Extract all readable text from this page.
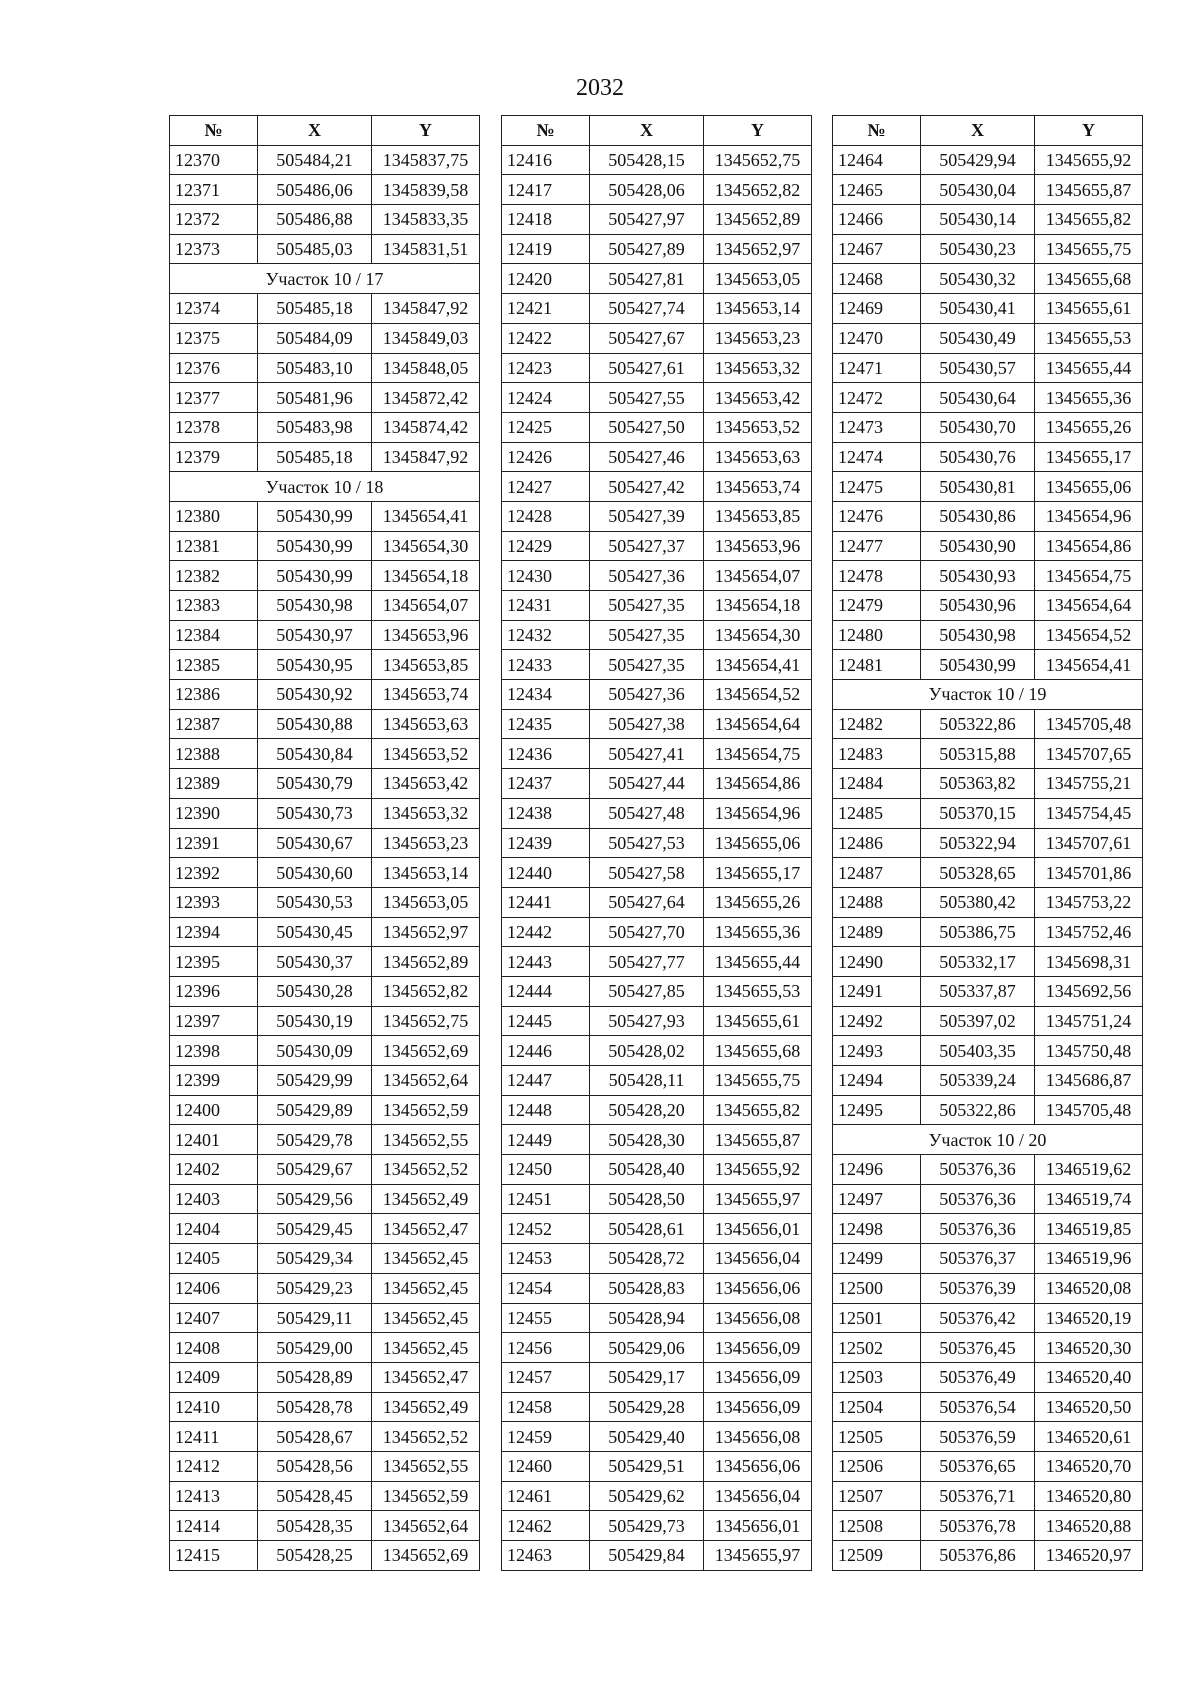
2032
№	X	Y
12370	505484,21	1345837,75
12371	505486,06	1345839,58
12372	505486,88	1345833,35
12373	505485,03	1345831,51
Участок 10 / 17		
12374	505485,18	1345847,92
12375	505484,09	1345849,03
12376	505483,10	1345848,05
12377	505481,96	1345872,42
12378	505483,98	1345874,42
12379	505485,18	1345847,92
Участок 10 / 18		
12380	505430,99	1345654,41
12381	505430,99	1345654,30
12382	505430,99	1345654,18
12383	505430,98	1345654,07
12384	505430,97	1345653,96
12385	505430,95	1345653,85
12386	505430,92	1345653,74
12387	505430,88	1345653,63
12388	505430,84	1345653,52
12389	505430,79	1345653,42
12390	505430,73	1345653,32
12391	505430,67	1345653,23
12392	505430,60	1345653,14
12393	505430,53	1345653,05
12394	505430,45	1345652,97
12395	505430,37	1345652,89
12396	505430,28	1345652,82
12397	505430,19	1345652,75
12398	505430,09	1345652,69
12399	505429,99	1345652,64
12400	505429,89	1345652,59
12401	505429,78	1345652,55
12402	505429,67	1345652,52
12403	505429,56	1345652,49
12404	505429,45	1345652,47
12405	505429,34	1345652,45
12406	505429,23	1345652,45
12407	505429,11	1345652,45
12408	505429,00	1345652,45
12409	505428,89	1345652,47
12410	505428,78	1345652,49
12411	505428,67	1345652,52
12412	505428,56	1345652,55
12413	505428,45	1345652,59
12414	505428,35	1345652,64
12415	505428,25	1345652,69
№	X	Y
12416	505428,15	1345652,75
12417	505428,06	1345652,82
12418	505427,97	1345652,89
12419	505427,89	1345652,97
12420	505427,81	1345653,05
12421	505427,74	1345653,14
12422	505427,67	1345653,23
12423	505427,61	1345653,32
12424	505427,55	1345653,42
12425	505427,50	1345653,52
12426	505427,46	1345653,63
12427	505427,42	1345653,74
12428	505427,39	1345653,85
12429	505427,37	1345653,96
12430	505427,36	1345654,07
12431	505427,35	1345654,18
12432	505427,35	1345654,30
12433	505427,35	1345654,41
12434	505427,36	1345654,52
12435	505427,38	1345654,64
12436	505427,41	1345654,75
12437	505427,44	1345654,86
12438	505427,48	1345654,96
12439	505427,53	1345655,06
12440	505427,58	1345655,17
12441	505427,64	1345655,26
12442	505427,70	1345655,36
12443	505427,77	1345655,44
12444	505427,85	1345655,53
12445	505427,93	1345655,61
12446	505428,02	1345655,68
12447	505428,11	1345655,75
12448	505428,20	1345655,82
12449	505428,30	1345655,87
12450	505428,40	1345655,92
12451	505428,50	1345655,97
12452	505428,61	1345656,01
12453	505428,72	1345656,04
12454	505428,83	1345656,06
12455	505428,94	1345656,08
12456	505429,06	1345656,09
12457	505429,17	1345656,09
12458	505429,28	1345656,09
12459	505429,40	1345656,08
12460	505429,51	1345656,06
12461	505429,62	1345656,04
12462	505429,73	1345656,01
12463	505429,84	1345655,97
№	X	Y
12464	505429,94	1345655,92
12465	505430,04	1345655,87
12466	505430,14	1345655,82
12467	505430,23	1345655,75
12468	505430,32	1345655,68
12469	505430,41	1345655,61
12470	505430,49	1345655,53
12471	505430,57	1345655,44
12472	505430,64	1345655,36
12473	505430,70	1345655,26
12474	505430,76	1345655,17
12475	505430,81	1345655,06
12476	505430,86	1345654,96
12477	505430,90	1345654,86
12478	505430,93	1345654,75
12479	505430,96	1345654,64
12480	505430,98	1345654,52
12481	505430,99	1345654,41
Участок 10 / 19		
12482	505322,86	1345705,48
12483	505315,88	1345707,65
12484	505363,82	1345755,21
12485	505370,15	1345754,45
12486	505322,94	1345707,61
12487	505328,65	1345701,86
12488	505380,42	1345753,22
12489	505386,75	1345752,46
12490	505332,17	1345698,31
12491	505337,87	1345692,56
12492	505397,02	1345751,24
12493	505403,35	1345750,48
12494	505339,24	1345686,87
12495	505322,86	1345705,48
Участок 10 / 20		
12496	505376,36	1346519,62
12497	505376,36	1346519,74
12498	505376,36	1346519,85
12499	505376,37	1346519,96
12500	505376,39	1346520,08
12501	505376,42	1346520,19
12502	505376,45	1346520,30
12503	505376,49	1346520,40
12504	505376,54	1346520,50
12505	505376,59	1346520,61
12506	505376,65	1346520,70
12507	505376,71	1346520,80
12508	505376,78	1346520,88
12509	505376,86	1346520,97
